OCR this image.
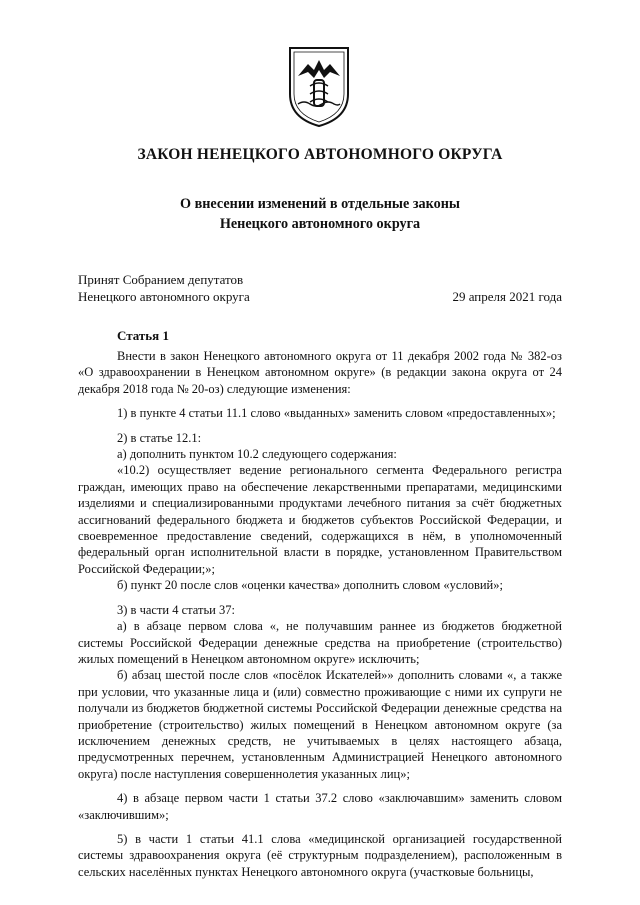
ЗАКОН НЕНЕЦКОГО АВТОНОМНОГО ОКРУГА
О внесении изменений в отдельные законы
Ненецкого автономного округа
Принят Собранием депутатов
Ненецкого автономного округа	29 апреля 2021 года
Статья 1

Внести в закон Ненецкого автономного округа от 11 декабря 2002 года № 382-оз «О здравоохранении в Ненецком автономном округе» (в редакции закона округа от 24 декабря 2018 года № 20-оз) следующие изменения:

1) в пункте 4 статьи 11.1 слово «выданных» заменить словом «предоставленных»;

2) в статье 12.1:

а) дополнить пунктом 10.2 следующего содержания:

«10.2) осуществляет ведение регионального сегмента Федерального регистра граждан, имеющих право на обеспечение лекарственными препаратами, медицинскими изделиями и специализированными продуктами лечебного питания за счёт бюджетных ассигнований федерального бюджета и бюджетов субъектов Российской Федерации, и своевременное предоставление сведений, содержащихся в нём, в уполномоченный федеральный орган исполнительной власти в порядке, установленном Правительством Российской Федерации;»;

б) пункт 20 после слов «оценки качества» дополнить словом «условий»;

3) в части 4 статьи 37:

а) в абзаце первом слова «, не получавшим раннее из бюджетов бюджетной системы Российской Федерации денежные средства на приобретение (строительство) жилых помещений в Ненецком автономном округе» исключить;

б) абзац шестой после слов «посёлок Искателей»» дополнить словами «, а также при условии, что указанные лица и (или) совместно проживающие с ними их супруги не получали из бюджетов бюджетной системы Российской Федерации денежные средства на приобретение (строительство) жилых помещений в Ненецком автономном округе (за исключением денежных средств, не учитываемых в целях настоящего абзаца, предусмотренных перечнем, установленным Администрацией Ненецкого автономного округа) после наступления совершеннолетия указанных лиц»;

4) в абзаце первом части 1 статьи 37.2 слово «заключавшим» заменить словом «заключившим»;

5) в части 1 статьи 41.1 слова «медицинской организацией государственной системы здравоохранения округа (её структурным подразделением), расположенным в сельских населённых пунктах Ненецкого автономного округа (участковые больницы,
